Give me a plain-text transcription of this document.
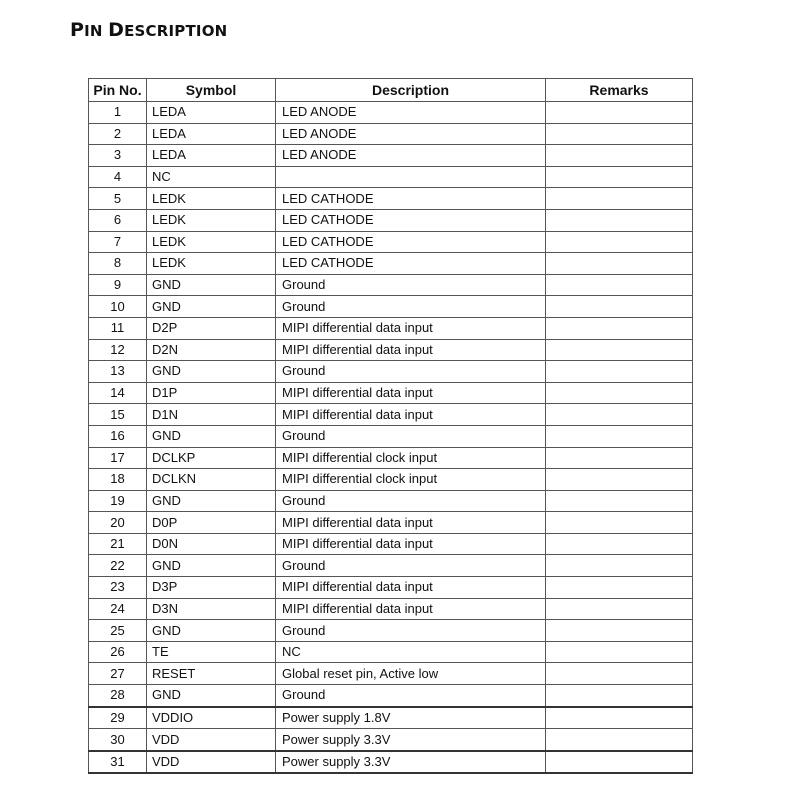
PIN DESCRIPTION
Pin No.	Symbol	Description	Remarks
1	LEDA	LED ANODE	
2	LEDA	LED ANODE	
3	LEDA	LED ANODE	
4	NC		
5	LEDK	LED CATHODE	
6	LEDK	LED CATHODE	
7	LEDK	LED CATHODE	
8	LEDK	LED CATHODE	
9	GND	Ground	
10	GND	Ground	
11	D2P	MIPI differential data input	
12	D2N	MIPI differential data input	
13	GND	Ground	
14	D1P	MIPI differential data input	
15	D1N	MIPI differential data input	
16	GND	Ground	
17	DCLKP	MIPI differential clock input	
18	DCLKN	MIPI differential clock input	
19	GND	Ground	
20	D0P	MIPI differential data input	
21	D0N	MIPI differential data input	
22	GND	Ground	
23	D3P	MIPI differential data input	
24	D3N	MIPI differential data input	
25	GND	Ground	
26	TE	NC	
27	RESET	Global reset pin, Active low	
28	GND	Ground	
29	VDDIO	Power supply 1.8V	
30	VDD	Power supply 3.3V	
31	VDD	Power supply 3.3V	
